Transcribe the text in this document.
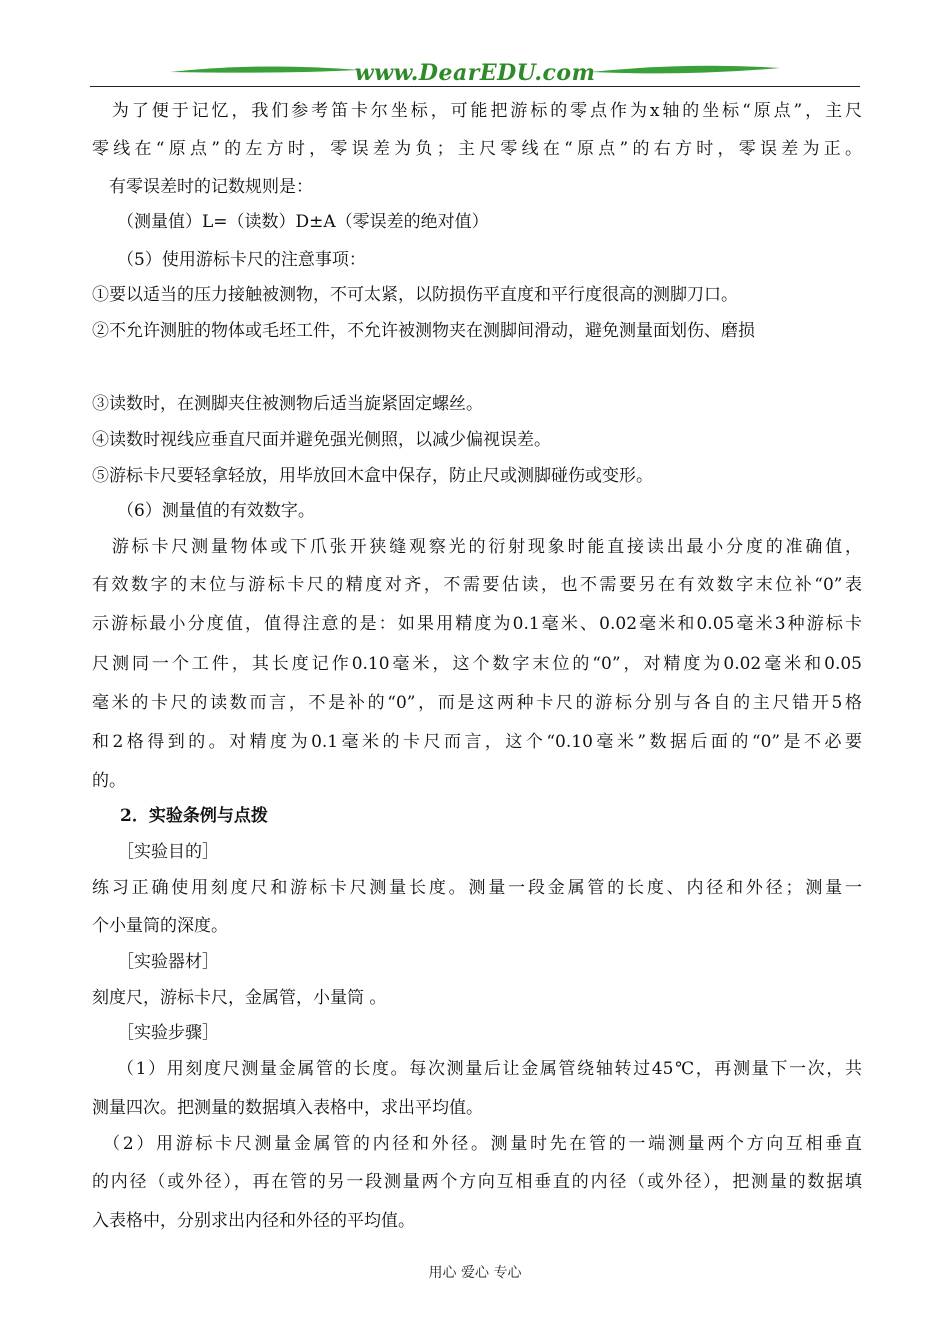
www.DearEDU.com
　为了便于记忆，我们参考笛卡尔坐标，可能把游标的零点作为x轴的坐标“原点”，主尺
零线在“原点”的左方时，零误差为负；主尺零线在“原点”的右方时，零误差为正。
　有零误差时的记数规则是：
（测量值）L=（读数）D±A（零误差的绝对值）
（5）使用游标卡尺的注意事项：
①要以适当的压力接触被测物，不可太紧，以防损伤平直度和平行度很高的测脚刀口。
②不允许测脏的物体或毛坯工件，不允许被测物夹在测脚间滑动，避免测量面划伤、磨损
③读数时，在测脚夹住被测物后适当旋紧固定螺丝。
④读数时视线应垂直尺面并避免强光侧照，以减少偏视误差。
⑤游标卡尺要轻拿轻放，用毕放回木盒中保存，防止尺或测脚碰伤或变形。
（6）测量值的有效数字。
　游标卡尺测量物体或下爪张开狭缝观察光的衍射现象时能直接读出最小分度的准确值，
有效数字的末位与游标卡尺的精度对齐，不需要估读，也不需要另在有效数字末位补“0”表
示游标最小分度值，值得注意的是：如果用精度为0.1毫米、0.02毫米和0.05毫米3种游标卡
尺测同一个工件，其长度记作0.10毫米，这个数字末位的“0”，对精度为0.02毫米和0.05
毫米的卡尺的读数而言，不是补的“0”，而是这两种卡尺的游标分别与各自的主尺错开5格
和2格得到的。对精度为0.1毫米的卡尺而言，这个“0.10毫米”数据后面的“0”是不必要
的。
2．实验条例与点拨
［实验目的］
练习正确使用刻度尺和游标卡尺测量长度。测量一段金属管的长度、内径和外径；测量一
个小量筒的深度。
［实验器材］
刻度尺，游标卡尺，金属管，小量筒 。
［实验步骤］
（1）用刻度尺测量金属管的长度。每次测量后让金属管绕轴转过45℃，再测量下一次，共
测量四次。把测量的数据填入表格中，求出平均值。
　（2）用游标卡尺测量金属管的内径和外径。测量时先在管的一端测量两个方向互相垂直
的内径（或外径），再在管的另一段测量两个方向互相垂直的内径（或外径），把测量的数据填
入表格中，分别求出内径和外径的平均值。
用心 爱心 专心
